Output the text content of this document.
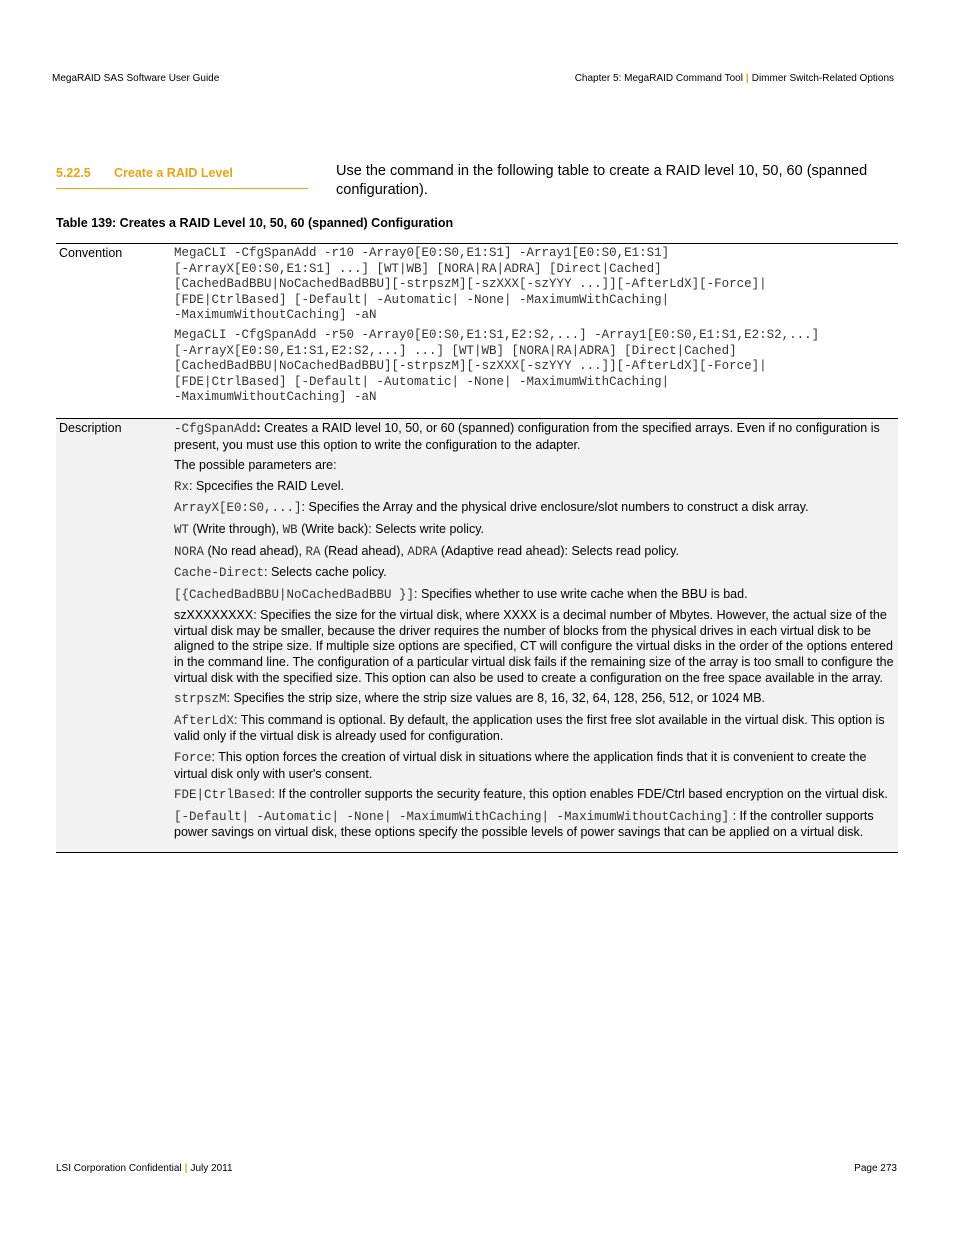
MegaRAID SAS Software User Guide	Chapter 5: MegaRAID Command Tool | Dimmer Switch-Related Options
5.22.5 Create a RAID Level	Use the command in the following table to create a RAID level 10, 50, 60 (spanned configuration).
Table 139: Creates a RAID Level 10, 50, 60 (spanned) Configuration
Convention	MegaCLI -CfgSpanAdd -r10 -Array0[E0:S0,E1:S1] -Array1[E0:S0,E1:S1]
[-ArrayX[E0:S0,E1:S1] ...] [WT|WB] [NORA|RA|ADRA] [Direct|Cached]
[CachedBadBBU|NoCachedBadBBU][-strpszM][-szXXX[-szYYY ...]][-AfterLdX][-Force]|
[FDE|CtrlBased] [-Default| -Automatic| -None| -MaximumWithCaching|
-MaximumWithoutCaching] -aN
MegaCLI -CfgSpanAdd -r50 -Array0[E0:S0,E1:S1,E2:S2,...] -Array1[E0:S0,E1:S1,E2:S2,...]
[-ArrayX[E0:S0,E1:S1,E2:S2,...] ...] [WT|WB] [NORA|RA|ADRA] [Direct|Cached]
[CachedBadBBU|NoCachedBadBBU][-strpszM][-szXXX[-szYYY ...]][-AfterLdX][-Force]|
[FDE|CtrlBased] [-Default| -Automatic| -None| -MaximumWithCaching|
-MaximumWithoutCaching] -aN
Description	-CfgSpanAdd: Creates a RAID level 10, 50, or 60 (spanned) configuration from the specified arrays. Even if no configuration is present, you must use this option to write the configuration to the adapter.

The possible parameters are:

Rx: Spcecifies the RAID Level.

ArrayX[E0:S0,...]: Specifies the Array and the physical drive enclosure/slot numbers to construct a disk array.

WT (Write through), WB (Write back): Selects write policy.

NORA (No read ahead), RA (Read ahead), ADRA (Adaptive read ahead): Selects read policy.

Cache-Direct: Selects cache policy.

[{CachedBadBBU|NoCachedBadBBU }]: Specifies whether to use write cache when the BBU is bad.

szXXXXXXXX: Specifies the size for the virtual disk, where XXXX is a decimal number of Mbytes. However, the actual size of the virtual disk may be smaller, because the driver requires the number of blocks from the physical drives in each virtual disk to be aligned to the stripe size. If multiple size options are specified, CT will configure the virtual disks in the order of the options entered in the command line. The configuration of a particular virtual disk fails if the remaining size of the array is too small to configure the virtual disk with the specified size. This option can also be used to create a configuration on the free space available in the array.

strpszM: Specifies the strip size, where the strip size values are 8, 16, 32, 64, 128, 256, 512, or 1024 MB.

AfterLdX: This command is optional. By default, the application uses the first free slot available in the virtual disk. This option is valid only if the virtual disk is already used for configuration.

Force: This option forces the creation of virtual disk in situations where the application finds that it is convenient to create the virtual disk only with user's consent.

FDE|CtrlBased: If the controller supports the security feature, this option enables FDE/Ctrl based encryption on the virtual disk.

[-Default| -Automatic| -None| -MaximumWithCaching| -MaximumWithoutCaching] : If the controller supports power savings on virtual disk, these options specify the possible levels of power savings that can be applied on a virtual disk.

LSI Corporation Confidential | July 2011	Page 273
